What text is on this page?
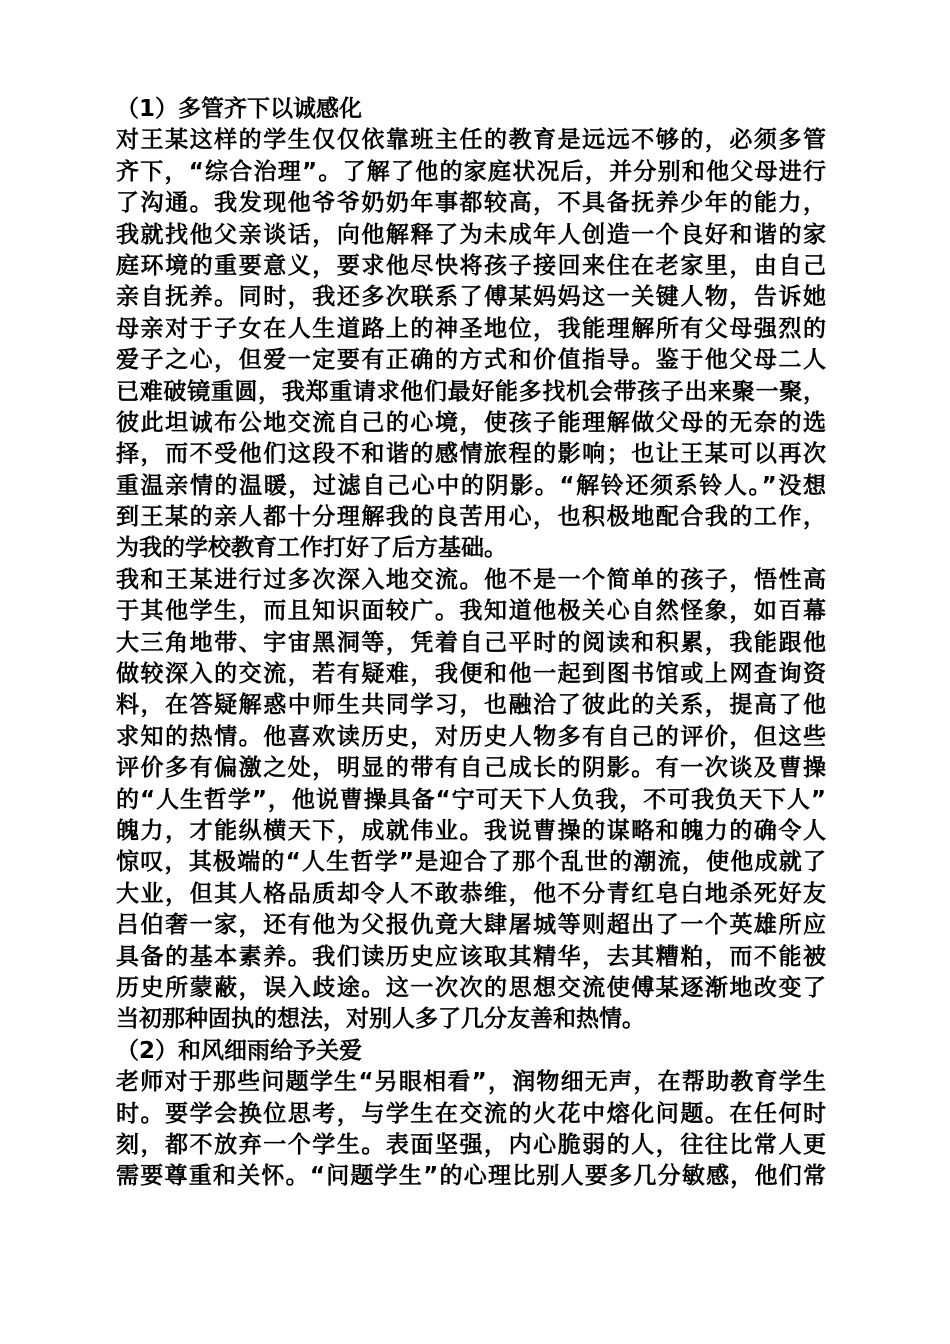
（1）多管齐下以诚感化
对王某这样的学生仅仅依靠班主任的教育是远远不够的，必须多管
齐下，“综合治理”。了解了他的家庭状况后，并分别和他父母进行
了沟通。我发现他爷爷奶奶年事都较高，不具备抚养少年的能力，
我就找他父亲谈话，向他解释了为未成年人创造一个良好和谐的家
庭环境的重要意义，要求他尽快将孩子接回来住在老家里，由自己
亲自抚养。同时，我还多次联系了傅某妈妈这一关键人物，告诉她
母亲对于子女在人生道路上的神圣地位，我能理解所有父母强烈的
爱子之心，但爱一定要有正确的方式和价值指导。鉴于他父母二人
已难破镜重圆，我郑重请求他们最好能多找机会带孩子出来聚一聚，
彼此坦诚布公地交流自己的心境，使孩子能理解做父母的无奈的选
择，而不受他们这段不和谐的感情旅程的影响；也让王某可以再次
重温亲情的温暖，过滤自己心中的阴影。“解铃还须系铃人。”没想
到王某的亲人都十分理解我的良苦用心，也积极地配合我的工作，
为我的学校教育工作打好了后方基础。
我和王某进行过多次深入地交流。他不是一个简单的孩子，悟性高
于其他学生，而且知识面较广。我知道他极关心自然怪象，如百幕
大三角地带、宇宙黑洞等，凭着自己平时的阅读和积累，我能跟他
做较深入的交流，若有疑难，我便和他一起到图书馆或上网查询资
料，在答疑解惑中师生共同学习，也融洽了彼此的关系，提高了他
求知的热情。他喜欢读历史，对历史人物多有自己的评价，但这些
评价多有偏激之处，明显的带有自己成长的阴影。有一次谈及曹操
的“人生哲学”，他说曹操具备“宁可天下人负我，不可我负天下人”
魄力，才能纵横天下，成就伟业。我说曹操的谋略和魄力的确令人
惊叹，其极端的“人生哲学”是迎合了那个乱世的潮流，使他成就了
大业，但其人格品质却令人不敢恭维，他不分青红皂白地杀死好友
吕伯奢一家，还有他为父报仇竟大肆屠城等则超出了一个英雄所应
具备的基本素养。我们读历史应该取其精华，去其糟粕，而不能被
历史所蒙蔽，误入歧途。这一次次的思想交流使傅某逐渐地改变了
当初那种固执的想法，对别人多了几分友善和热情。
（2）和风细雨给予关爱
老师对于那些问题学生“另眼相看”，润物细无声，在帮助教育学生
时。要学会换位思考，与学生在交流的火花中熔化问题。在任何时
刻，都不放弃一个学生。表面坚强，内心脆弱的人，往往比常人更
需要尊重和关怀。“问题学生”的心理比别人要多几分敏感，他们常
